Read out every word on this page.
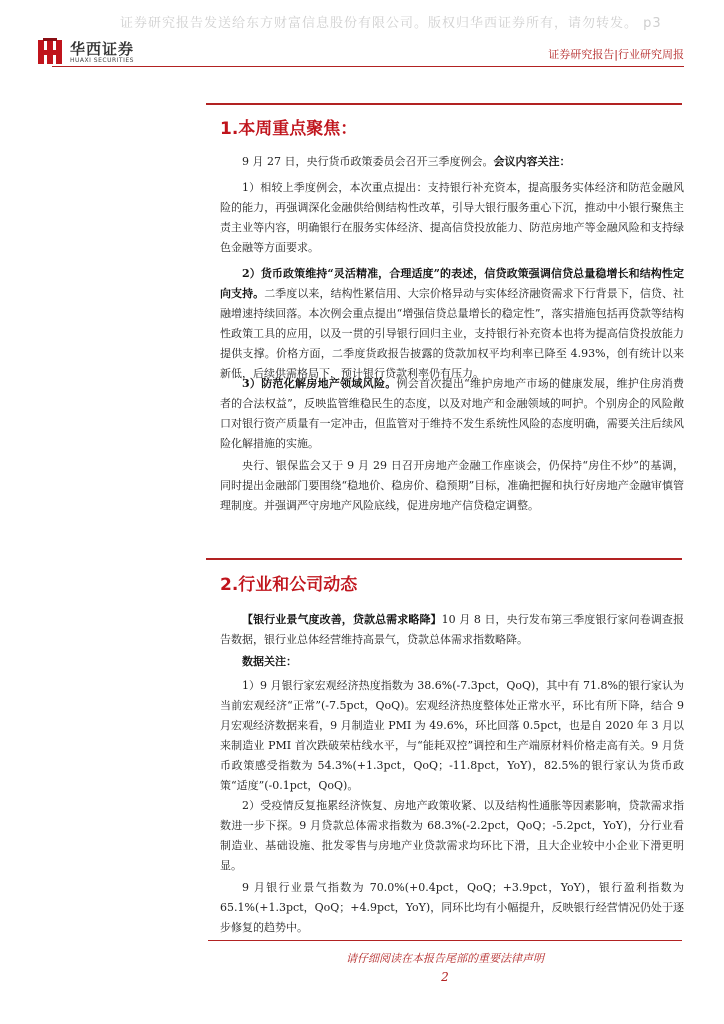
证券研究报告发送给东方财富信息股份有限公司。版权归华西证券所有，请勿转发。 p3
华西证券
HUAXI SECURITIES	证券研究报告|行业研究周报
1.本周重点聚焦：

9 月 27 日，央行货币政策委员会召开三季度例会。会议内容关注：

1）相较上季度例会，本次重点提出：支持银行补充资本，提高服务实体经济和防范金融风险的能力，再强调深化金融供给侧结构性改革，引导大银行服务重心下沉，推动中小银行聚焦主责主业等内容，明确银行在服务实体经济、提高信贷投放能力、防范房地产等金融风险和支持绿色金融等方面要求。

2）货币政策维持“灵活精准，合理适度”的表述，信贷政策强调信贷总量稳增长和结构性定向支持。二季度以来，结构性紧信用、大宗价格异动与实体经济融资需求下行背景下，信贷、社融增速持续回落。本次例会重点提出“增强信贷总量增长的稳定性”，落实措施包括再贷款等结构性政策工具的应用，以及一贯的引导银行回归主业，支持银行补充资本也将为提高信贷投放能力提供支撑。价格方面，二季度货政报告披露的贷款加权平均利率已降至 4.93%，创有统计以来新低，后续供需格局下，预计银行贷款利率仍有压力。

3）防范化解房地产领域风险。例会首次提出“维护房地产市场的健康发展，维护住房消费者的合法权益”，反映监管维稳民生的态度，以及对地产和金融领域的呵护。个别房企的风险敞口对银行资产质量有一定冲击，但监管对于维持不发生系统性风险的态度明确，需要关注后续风险化解措施的实施。

央行、银保监会又于 9 月 29 日召开房地产金融工作座谈会，仍保持“房住不炒”的基调，同时提出金融部门要围绕“稳地价、稳房价、稳预期”目标，准确把握和执行好房地产金融审慎管理制度。并强调严守房地产风险底线，促进房地产信贷稳定调整。

2.行业和公司动态

【银行业景气度改善，贷款总需求略降】10 月 8 日，央行发布第三季度银行家问卷调查报告数据，银行业总体经营维持高景气，贷款总体需求指数略降。

数据关注：

1）9 月银行家宏观经济热度指数为 38.6%(-7.3pct，QoQ)，其中有 71.8%的银行家认为当前宏观经济“正常”(-7.5pct，QoQ)。宏观经济热度整体处正常水平，环比有所下降，结合 9 月宏观经济数据来看，9 月制造业 PMI 为 49.6%，环比回落 0.5pct，也是自 2020 年 3 月以来制造业 PMI 首次跌破荣枯线水平，与“能耗双控”调控和生产端原材料价格走高有关。9 月货币政策感受指数为 54.3%(+1.3pct，QoQ；-11.8pct，YoY)，82.5%的银行家认为货币政策“适度”(-0.1pct，QoQ)。

2）受疫情反复拖累经济恢复、房地产政策收紧、以及结构性通胀等因素影响，贷款需求指数进一步下探。9 月贷款总体需求指数为 68.3%(-2.2pct，QoQ；-5.2pct，YoY)，分行业看制造业、基础设施、批发零售与房地产业贷款需求均环比下滑，且大企业较中小企业下滑更明显。

9 月银行业景气指数为 70.0%(+0.4pct，QoQ；+3.9pct，YoY)，银行盈利指数为 65.1%(+1.3pct，QoQ；+4.9pct，YoY)，同环比均有小幅提升，反映银行经营情况仍处于逐步修复的趋势中。

请仔细阅读在本报告尾部的重要法律声明
2
